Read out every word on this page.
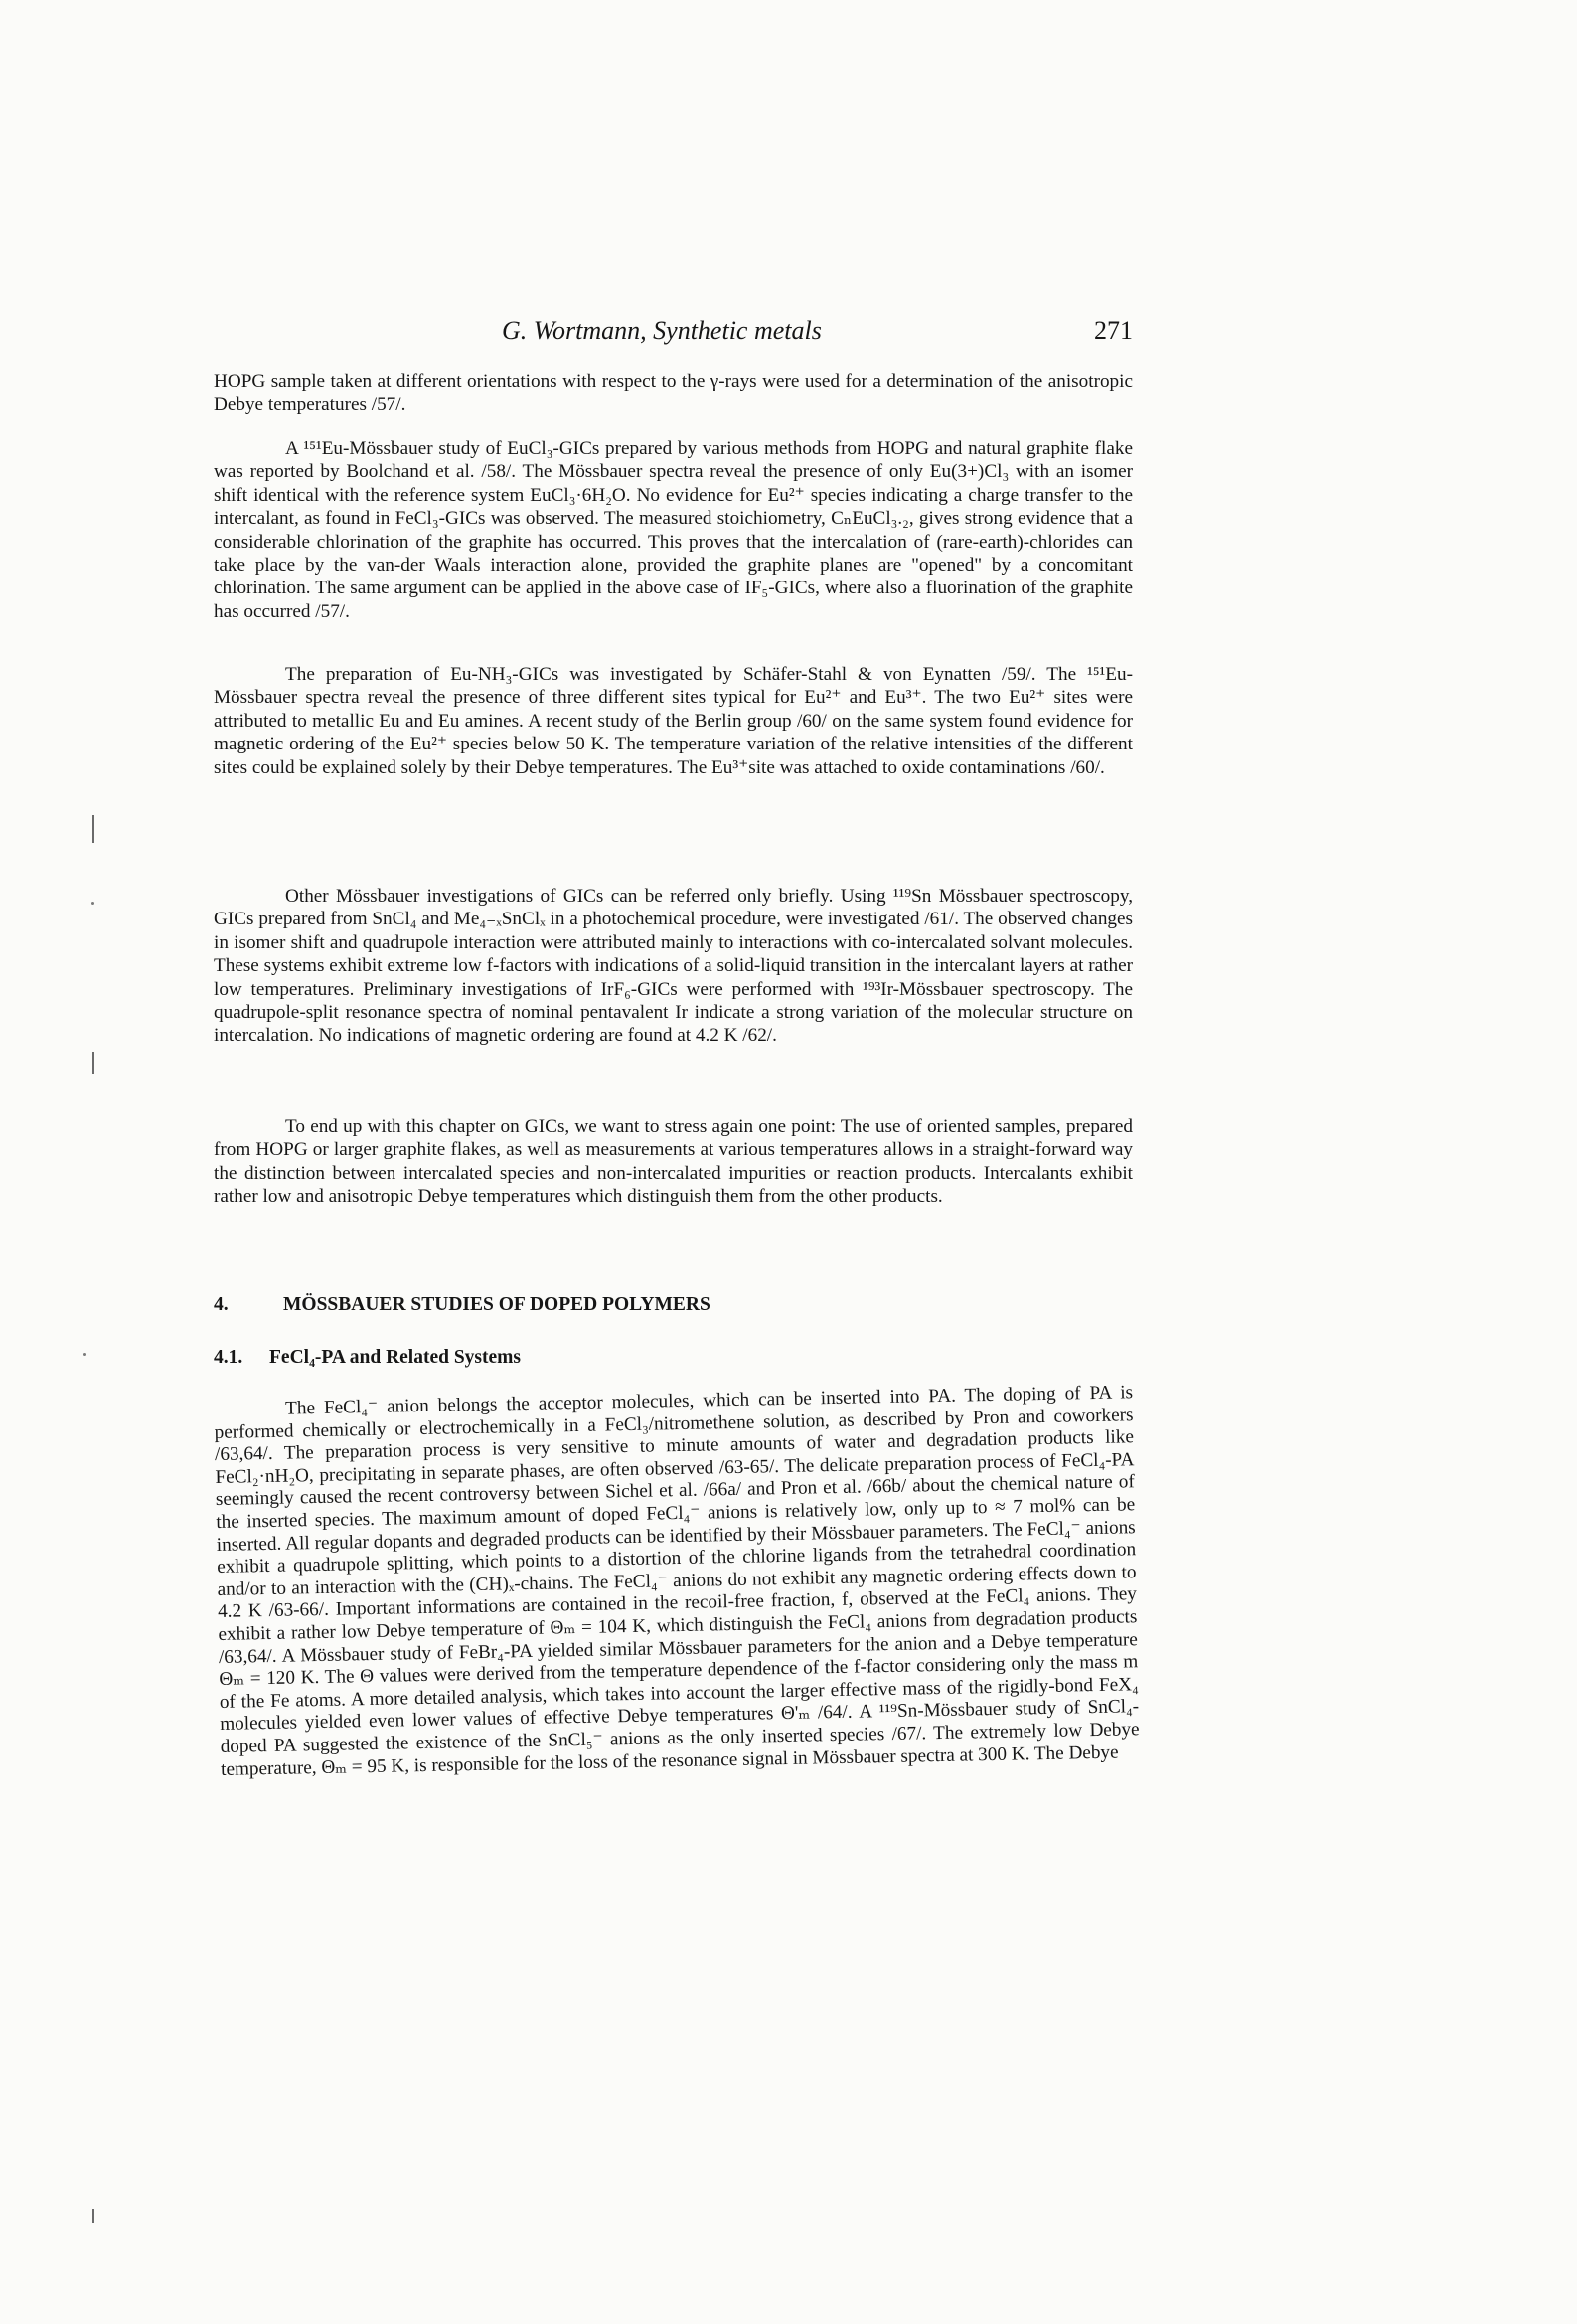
G. Wortmann, Synthetic metals	271

HOPG sample taken at different orientations with respect to the γ-rays were used for a determination of the anisotropic Debye temperatures /57/.

A ¹⁵¹Eu-Mössbauer study of EuCl₃-GICs prepared by various methods from HOPG and natural graphite flake was reported by Boolchand et al. /58/. The Mössbauer spectra reveal the presence of only Eu(3+)Cl₃ with an isomer shift identical with the reference system EuCl₃·6H₂O. No evidence for Eu²⁺ species indicating a charge transfer to the intercalant, as found in FeCl₃-GICs was observed. The measured stoichiometry, CₙEuCl₃.₂, gives strong evidence that a considerable chlorination of the graphite has occurred. This proves that the intercalation of (rare-earth)-chlorides can take place by the van-der Waals interaction alone, provided the graphite planes are "opened" by a concomitant chlorination. The same argument can be applied in the above case of IF₅-GICs, where also a fluorination of the graphite has occurred /57/.

The preparation of Eu-NH₃-GICs was investigated by Schäfer-Stahl & von Eynatten /59/. The ¹⁵¹Eu-Mössbauer spectra reveal the presence of three different sites typical for Eu²⁺ and Eu³⁺. The two Eu²⁺ sites were attributed to metallic Eu and Eu amines. A recent study of the Berlin group /60/ on the same system found evidence for magnetic ordering of the Eu²⁺ species below 50 K. The temperature variation of the relative intensities of the different sites could be explained solely by their Debye temperatures. The Eu³⁺site was attached to oxide contaminations /60/.

Other Mössbauer investigations of GICs can be referred only briefly. Using ¹¹⁹Sn Mössbauer spectroscopy, GICs prepared from SnCl₄ and Me₄₋ₓSnClₓ in a photochemical procedure, were investigated /61/. The observed changes in isomer shift and quadrupole interaction were attributed mainly to interactions with co-intercalated solvant molecules. These systems exhibit extreme low f-factors with indications of a solid-liquid transition in the intercalant layers at rather low temperatures. Preliminary investigations of IrF₆-GICs were performed with ¹⁹³Ir-Mössbauer spectroscopy. The quadrupole-split resonance spectra of nominal pentavalent Ir indicate a strong variation of the molecular structure on intercalation. No indications of magnetic ordering are found at 4.2 K /62/.

To end up with this chapter on GICs, we want to stress again one point: The use of oriented samples, prepared from HOPG or larger graphite flakes, as well as measurements at various temperatures allows in a straight-forward way the distinction between intercalated species and non-intercalated impurities or reaction products. Intercalants exhibit rather low and anisotropic Debye temperatures which distinguish them from the other products.

4.	MÖSSBAUER STUDIES OF DOPED POLYMERS
4.1. FeCl₄-PA and Related Systems

The FeCl₄⁻ anion belongs the acceptor molecules, which can be inserted into PA. The doping of PA is performed chemically or electrochemically in a FeCl₃/nitromethene solution, as described by Pron and coworkers /63,64/. The preparation process is very sensitive to minute amounts of water and degradation products like FeCl₂·nH₂O, precipitating in separate phases, are often observed /63-65/. The delicate preparation process of FeCl₄-PA seemingly caused the recent controversy between Sichel et al. /66a/ and Pron et al. /66b/ about the chemical nature of the inserted species. The maximum amount of doped FeCl₄⁻ anions is relatively low, only up to ≈ 7 mol% can be inserted. All regular dopants and degraded products can be identified by their Mössbauer parameters. The FeCl₄⁻ anions exhibit a quadrupole splitting, which points to a distortion of the chlorine ligands from the tetrahedral coordination and/or to an interaction with the (CH)ₓ-chains. The FeCl₄⁻ anions do not exhibit any magnetic ordering effects down to 4.2 K /63-66/. Important informations are contained in the recoil-free fraction, f, observed at the FeCl₄ anions. They exhibit a rather low Debye temperature of Θₘ = 104 K, which distinguish the FeCl₄ anions from degradation products /63,64/. A Mössbauer study of FeBr₄-PA yielded similar Mössbauer parameters for the anion and a Debye temperature Θₘ = 120 K. The Θ values were derived from the temperature dependence of the f-factor considering only the mass m of the Fe atoms. A more detailed analysis, which takes into account the larger effective mass of the rigidly-bond FeX₄ molecules yielded even lower values of effective Debye temperatures Θ'ₘ /64/. A ¹¹⁹Sn-Mössbauer study of SnCl₄-doped PA suggested the existence of the SnCl₅⁻ anions as the only inserted species /67/. The extremely low Debye temperature, Θₘ = 95 K, is responsible for the loss of the resonance signal in Mössbauer spectra at 300 K. The Debye
